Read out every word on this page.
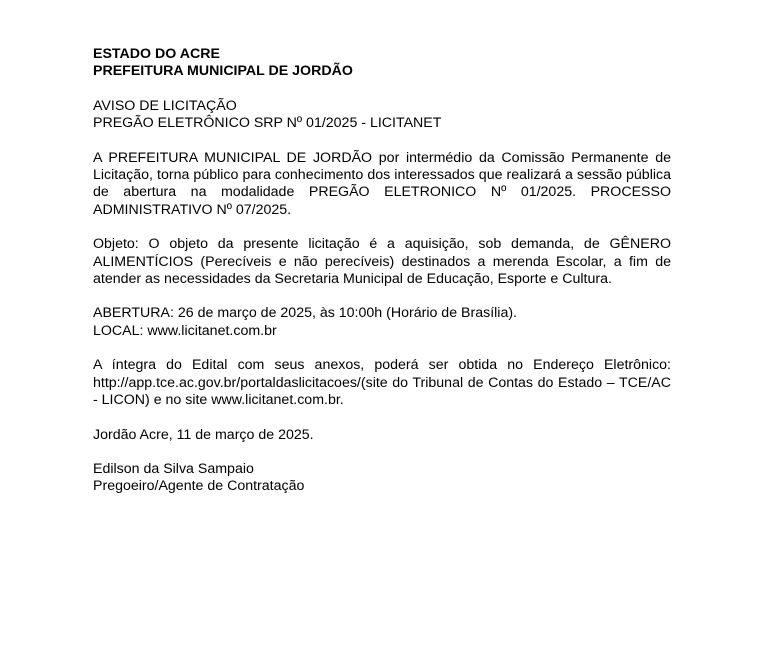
ESTADO DO ACRE
PREFEITURA MUNICIPAL DE JORDÃO
AVISO DE LICITAÇÃO
PREGÃO ELETRÔNICO SRP Nº 01/2025 - LICITANET
A PREFEITURA MUNICIPAL DE JORDÃO por intermédio da Comissão Permanente de Licitação, torna público para conhecimento dos interessados que realizará a sessão pública de abertura na modalidade PREGÃO ELETRONICO Nº 01/2025. PROCESSO ADMINISTRATIVO Nº 07/2025.
Objeto: O objeto da presente licitação é a aquisição, sob demanda, de GÊNERO ALIMENTÍCIOS (Perecíveis e não perecíveis) destinados a merenda Escolar, a fim de atender as necessidades da Secretaria Municipal de Educação, Esporte e Cultura.
ABERTURA: 26 de março de 2025, às 10:00h (Horário de Brasília).
LOCAL: www.licitanet.com.br
A íntegra do Edital com seus anexos, poderá ser obtida no Endereço Eletrônico: http://app.tce.ac.gov.br/portaldaslicitacoes/(site do Tribunal de Contas do Estado – TCE/AC - LICON) e no site www.licitanet.com.br.
Jordão Acre, 11 de março de 2025.
Edilson da Silva Sampaio
Pregoeiro/Agente de Contratação
